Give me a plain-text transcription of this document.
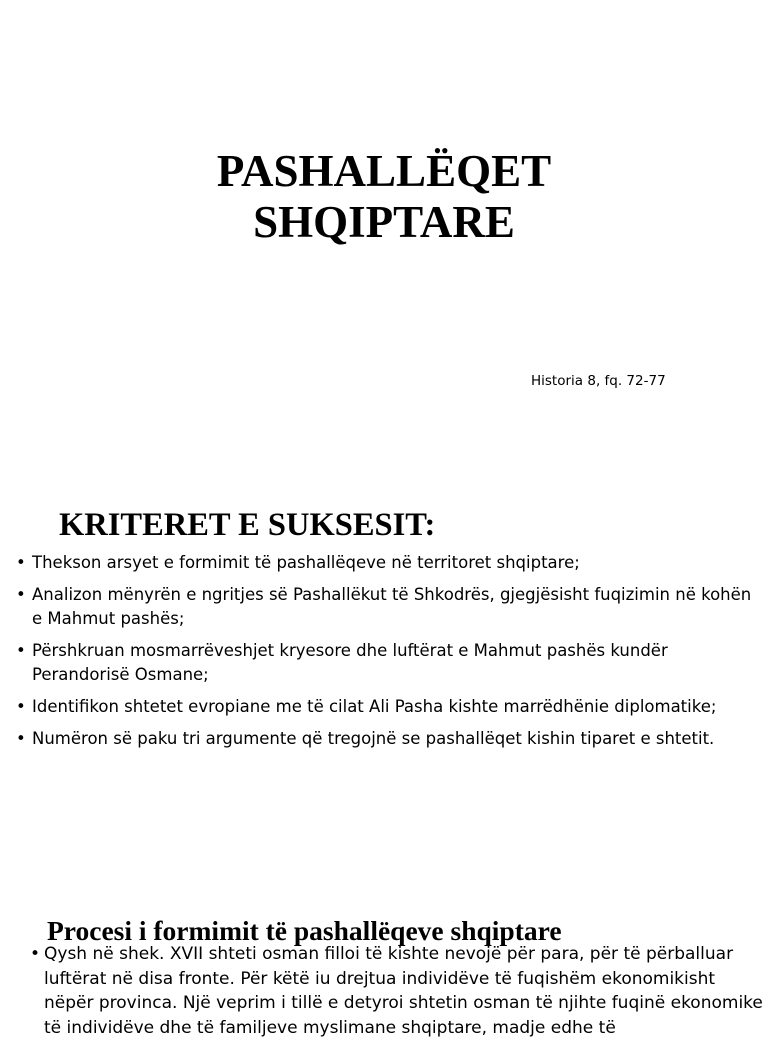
PASHALLËQET
SHQIPTARE
Historia 8, fq. 72-77
KRITERET E SUKSESIT:
• Thekson arsyet e formimit të pashallëqeve në territoret shqiptare;
• Analizon mënyrën e ngritjes së Pashallëkut të Shkodrës, gjegjësisht fuqizimin në kohën e Mahmut pashës;
• Përshkruan mosmarrëveshjet kryesore dhe luftërat e Mahmut pashës kundër Perandorisë Osmane;
• Identifikon shtetet evropiane me të cilat Ali Pasha kishte marrëdhënie diplomatike;
• Numëron së paku tri argumente që tregojnë se pashallëqet kishin tiparet e shtetit.
Procesi i formimit të pashallëqeve shqiptare
• Qysh në shek. XVII shteti osman filloi të kishte nevojë për para, për të përballuar luftërat në disa fronte. Për këtë iu drejtua individëve të fuqishëm ekonomikisht nëpër provinca. Një veprim i tillë e detyroi shtetin osman të njihte fuqinë ekonomike të individëve dhe të familjeve myslimane shqiptare, madje edhe të
